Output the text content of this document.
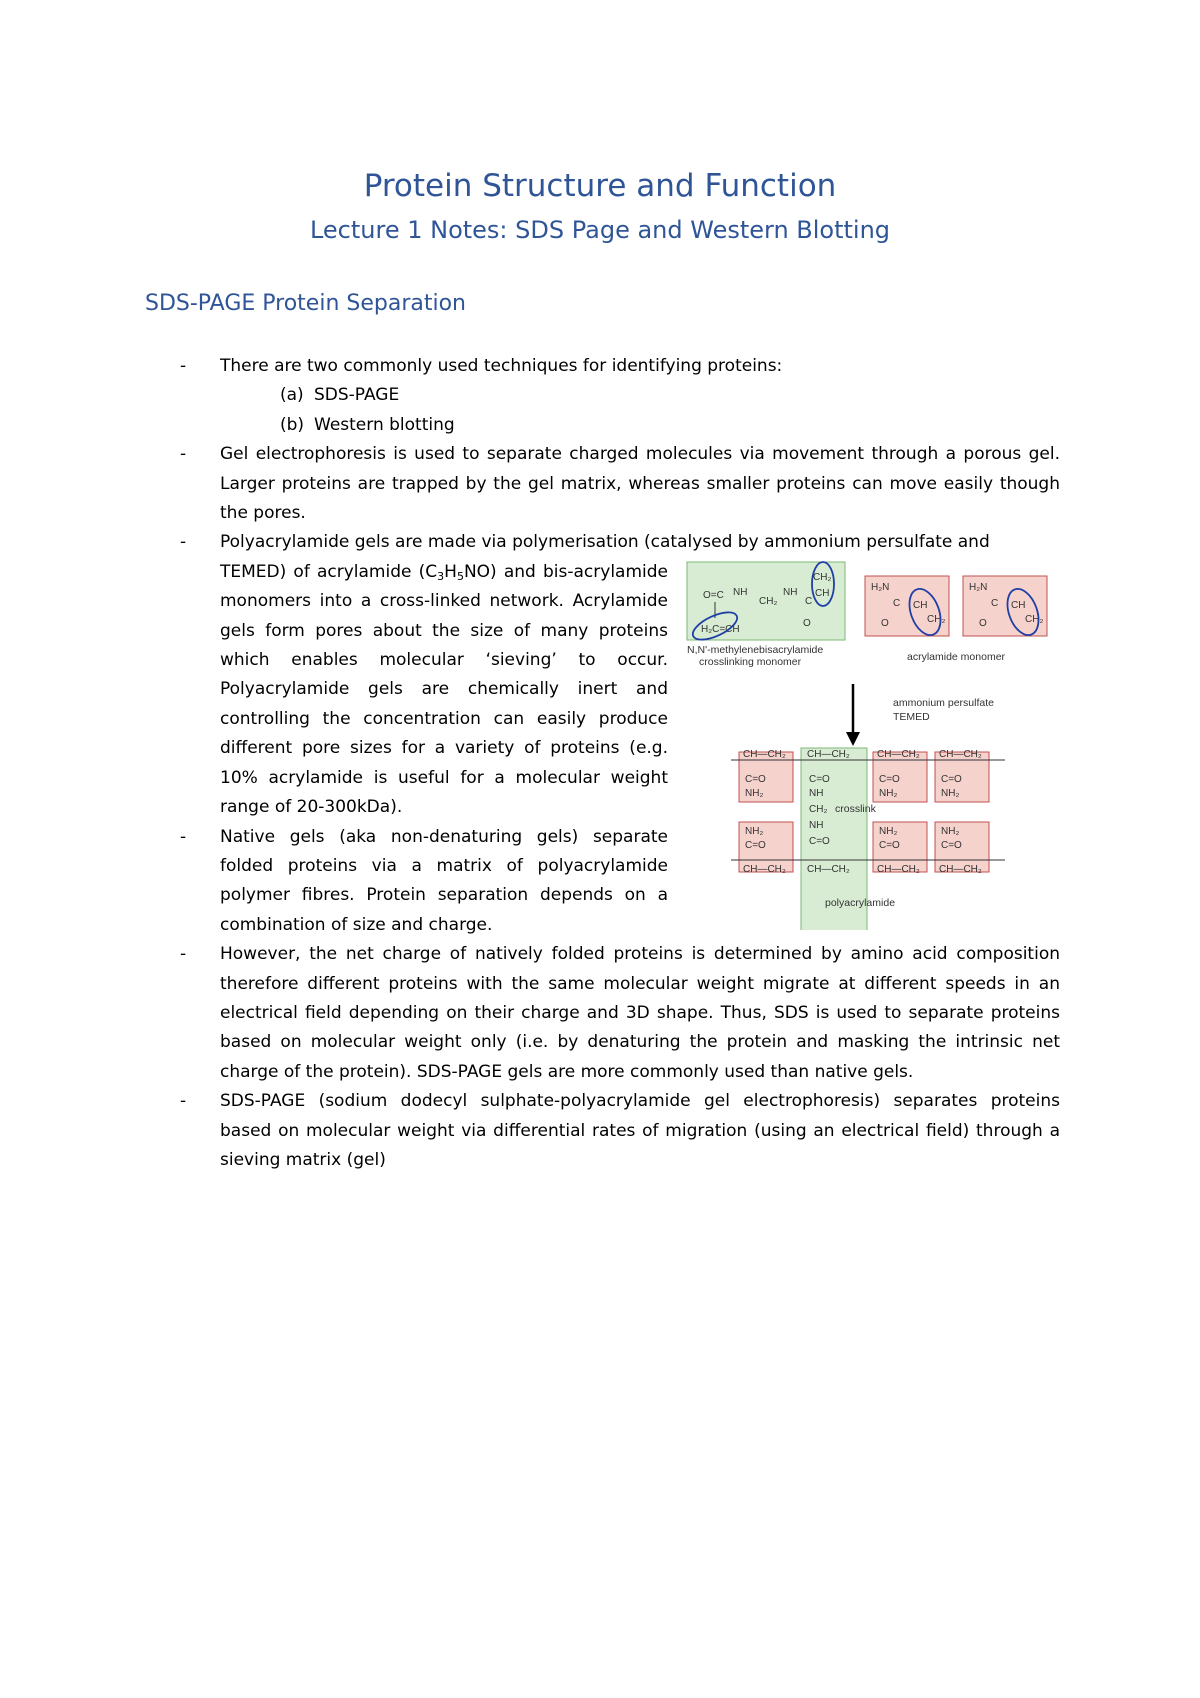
Protein Structure and Function
Lecture 1 Notes: SDS Page and Western Blotting
SDS-PAGE Protein Separation
- There are two commonly used techniques for identifying proteins:
(a) SDS-PAGE
(b) Western blotting
- Gel electrophoresis is used to separate charged molecules via movement through a porous gel. Larger proteins are trapped by the gel matrix, whereas smaller proteins can move easily though the pores.
- Polyacrylamide gels are made via polymerisation (catalysed by ammonium persulfate and
TEMED) of acrylamide $(C_3H_5NO)$ and bis-acrylamide monomers into a cross-linked network. Acrylamide gels form pores about the size of many proteins which enables molecular ‘sieving’ to occur. Polyacrylamide gels are chemically inert and controlling the concentration can easily produce different pore sizes for a variety of proteins (e.g. 10% acrylamide is useful for a molecular weight range of 20-300kDa).
- Native gels (aka non-denaturing gels) separate folded proteins via a matrix of polyacrylamide polymer fibres. Protein separation depends on a combination of size and charge.
- However, the net charge of natively folded proteins is determined by amino acid composition therefore different proteins with the same molecular weight migrate at different speeds in an electrical field depending on their charge and 3D shape. Thus, SDS is used to separate proteins based on molecular weight only (i.e. by denaturing the protein and masking the intrinsic net charge of the protein). SDS-PAGE gels are more commonly used than native gels.
- SDS-PAGE (sodium dodecyl sulphate-polyacrylamide gel electrophoresis) separates proteins based on molecular weight via differential rates of migration (using an electrical field) through a sieving matrix (gel)
O=C NH
CH₂
NH
C
O
CH₂
CH
H₂C=CH
N,N'-methylenebisacrylamide
crosslinking monomer
H₂N
C CH
CH₂
O
H₂N
C CH
CH₂
O
acrylamide monomer
ammonium persulfate
TEMED
CH—CH₂ CH—CH₂	CH—CH₂ CH—CH₂
C=O
NH₂
C=O
NH
C=O
NH₂
C=O
NH₂
CH₂ crosslink
NH
NH₂	NH₂	NH₂
C=O	C=O	C=O	C=O
CH—CH₂ CH—CH₂	CH—CH₂ CH—CH₂
polyacrylamide
